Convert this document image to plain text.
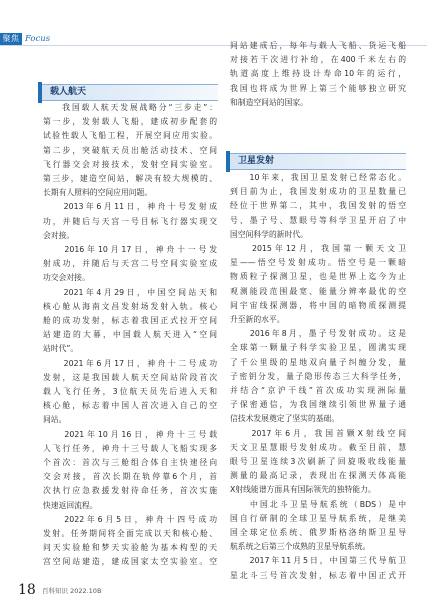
聚焦 Focus
载人航天
卫星发射
　　我国载人航天发展战略分“三步走”：
第一步，发射载人飞船，建成初步配套的
试验性载人飞船工程，开展空间应用实验。
第二步，突破航天员出舱活动技术、空间
飞行器交会对接技术，发射空间实验室。
第三步，建造空间站，解决有较大规模的、
长期有人照料的空间应用问题。
　　2013年6月11日，神舟十号发射成
功，并随后与天宫一号目标飞行器实现交
会对接。
　　2016年10月17日，神舟十一号发
射成功，并随后与天宫二号空间实验室成
功交会对接。
　　2021年4月29日，中国空间站天和
核心舱从海南文昌发射场发射入轨。核心
舱的成功发射，标志着我国正式拉开空间
站建造的大幕，中国载人航天进入“空间
站时代”。
　　2021年6月17日，神舟十二号成功
发射，这是我国载人航天空间站阶段首次
载人飞行任务，3位航天员先后进入天和
核心舱，标志着中国人首次进入自己的空
间站。
　　2021年10月16日，神舟十三号载
人飞行任务，神舟十三号载人飞船实现多
个首次：首次与三舱组合体自主快速径向
交会对接，首次长期在轨停靠6个月，首
次执行应急救援发射待命任务，首次实施
快速返回流程。
　　2022年6月5日，神舟十四号成功
发射。任务期间将全面完成以天和核心舱、
问天实验舱和梦天实验舱为基本构型的天
宫空间站建造，建成国家太空实验室。空
间站建成后，每年与载人飞船、货运飞船
对接若干次进行补给，在400千米左右的
轨道高度上维持设计寿命10年的运行，
我国也将成为世界上第三个能够独立研究
和制造空间站的国家。
　　10年来，我国卫星发射已经常态化。
到目前为止，我国发射成功的卫星数量已
经位于世界第二，其中，我国发射的悟空
号、墨子号、慧眼号等科学卫星开启了中
国空间科学的新时代。
　　2015年12月，我国第一颗天文卫
星——悟空号发射成功。悟空号是一颗暗
物质粒子探测卫星，也是世界上迄今为止
观测能段范围最宽、能量分辨率最优的空
间宇宙线探测器，将中国的暗物质探测提
升至新的水平。
　　2016年8月，墨子号发射成功。这是
全球第一颗量子科学实验卫星，圆满实现
了千公里级的星地双向量子纠缠分发，量
子密钥分发，量子隐形传态三大科学任务，
并结合“京沪干线”首次成功实现洲际量
子保密通信，为我国继续引领世界量子通
信技术发展奠定了坚实的基础。
　　2017年6月，我国首颗X射线空间
天文卫星慧眼号发射成功。截至目前，慧
眼号卫星连续3次刷新了回旋吸收线能量
测量的最高记录，表现出在探测天体高能
X射线能谱方面具有国际领先的独特能力。
　　中国北斗卫星导航系统（BDS）是中
国自行研制的全球卫星导航系统，是继美
国全球定位系统、俄罗斯格洛纳斯卫星导
航系统之后第三个成熟的卫星导航系统。
　　2017年11月5日，中国第三代导航卫
星北斗三号首次发射，标志着中国正式开
18 百科知识 2022.10B
